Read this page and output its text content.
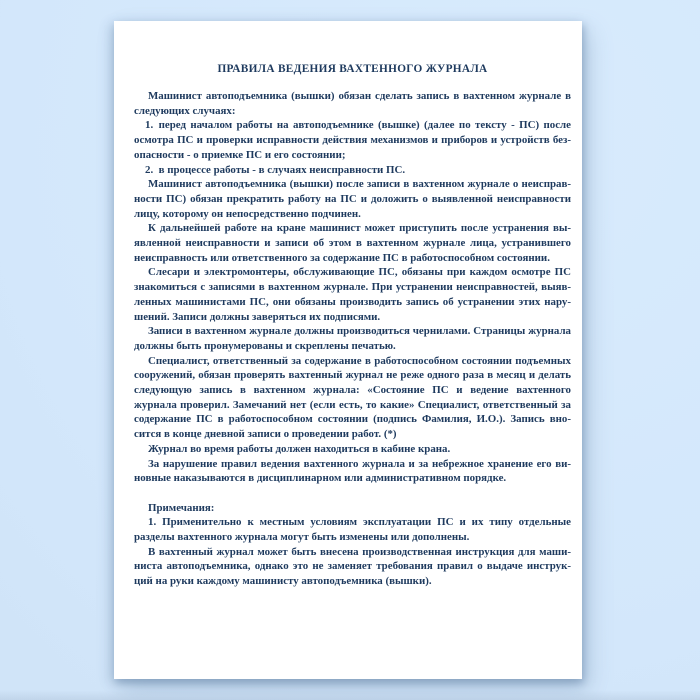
ПРАВИЛА ВЕДЕНИЯ ВАХТЕННОГО ЖУРНАЛА

Машинист автоподъемника (вышки) обязан сделать запись в вахтенном журнале в следующих случаях:

1. перед началом работы на автоподъемнике (вышке) (далее по тексту - ПС) после осмотра ПС и проверки исправности действия механизмов и приборов и устройств безопасности - о приемке ПС и его состоянии;

2. в процессе работы - в случаях неисправности ПС.

Машинист автоподъемника (вышки) после записи в вахтенном журнале о неисправности ПС) обязан прекратить работу на ПС и доложить о выявленной неисправности лицу, которому он непосредственно подчинен.

К дальнейшей работе на кране машинист может приступить после устранения выявленной неисправности и записи об этом в вахтенном журнале лица, устранившего неисправность или ответственного за содержание ПС в работоспособном состоянии.

Слесари и электромонтеры, обслуживающие ПС, обязаны при каждом осмотре ПС знакомиться с записями в вахтенном журнале. При устранении неисправностей, выявленных машинистами ПС, они обязаны производить запись об устранении этих нарушений. Записи должны заверяться их подписями.

Записи в вахтенном журнале должны производиться чернилами. Страницы журнала должны быть пронумерованы и скреплены печатью.

Специалист, ответственный за содержание в работоспособном состоянии подъемных сооружений, обязан проверять вахтенный журнал не реже одного раза в месяц и делать следующую запись в вахтенном журнала: «Состояние ПС и ведение вахтенного журнала проверил. Замечаний нет (если есть, то какие» Специалист, ответственный за содержание ПС в работоспособном состоянии (подпись Фамилия, И.О.). Запись вносится в конце дневной записи о проведении работ. (*)

Журнал во время работы должен находиться в кабине крана.

За нарушение правил ведения вахтенного журнала и за небрежное хранение его виновные наказываются в дисциплинарном или административном порядке.

Примечания:

1. Применительно к местным условиям эксплуатации ПС и их типу отдельные разделы вахтенного журнала могут быть изменены или дополнены.

В вахтенный журнал может быть внесена производственная инструкция для машиниста автоподъемника, однако это не заменяет требования правил о выдаче инструкций на руки каждому машинисту автоподъемника (вышки).
